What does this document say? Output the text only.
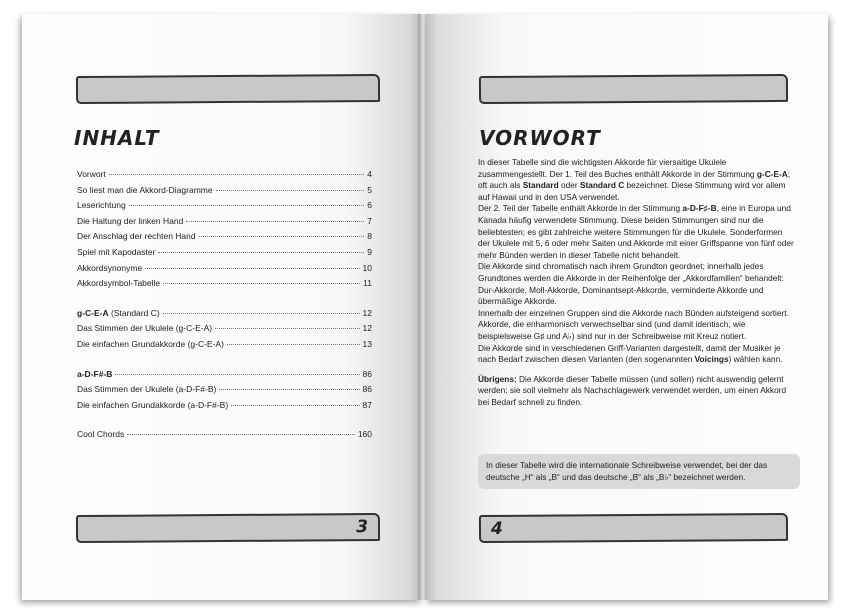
INHALT
Vorwort	4
So liest man die Akkord-Diagramme	5
Leserichtung	6
Die Haltung der linken Hand	7
Der Anschlag der rechten Hand	8
Spiel mit Kapodaster	9
Akkordsynonyme	10
Akkordsymbol-Tabelle	11
g-C-E-A (Standard C)	12
Das Stimmen der Ukulele (g-C-E-A)	12
Die einfachen Grundakkorde (g-C-E-A)	13
a-D-F#-B	86
Das Stimmen der Ukulele (a-D-F#-B)	86
Die einfachen Grundakkorde (a-D-F#-B)	87
Cool Chords	160
3
VORWORT
4

In dieser Tabelle sind die wichtigsten Akkorde für viersaitige Ukulele zusammengestellt. Der 1. Teil des Buches enthält Akkorde in der Stimmung g-C-E-A; oft auch als Standard oder Standard C bezeichnet. Diese Stimmung wird vor allem auf Hawaii und in den USA verwendet.

Der 2. Teil der Tabelle enthält Akkorde in der Stimmung a-D-F♯-B, eine in Europa und Kanada häufig verwendete Stimmung. Diese beiden Stimmungen sind nur die beliebtesten; es gibt zahlreiche weitere Stimmungen für die Ukulele. Sonderformen der Ukulele mit 5, 6 oder mehr Saiten und Akkorde mit einer Griffspanne von fünf oder mehr Bünden werden in dieser Tabelle nicht behandelt.

Die Akkorde sind chromatisch nach ihrem Grundton geordnet; innerhalb jedes Grundtones werden die Akkorde in der Reihenfolge der „Akkordfamilien“ behandelt: Dur-Akkorde, Moll-Akkorde, Dominantsept-Akkorde, verminderte Akkorde und übermäßige Akkorde.

Innerhalb der einzelnen Gruppen sind die Akkorde nach Bünden aufsteigend sortiert. Akkorde, die enharmonisch verwechselbar sind (und damit identisch, wie beispielsweise G♯ und A♭) sind nur in der Schreibweise mit Kreuz notiert.

Die Akkorde sind in verschiedenen Griff-Varianten dargestellt, damit der Musiker je nach Bedarf zwischen diesen Varianten (den sogenannten Voicings) wählen kann.

Übrigens: Die Akkorde dieser Tabelle müssen (und sollen) nicht auswendig gelernt werden; sie soll vielmehr als Nachschlagewerk verwendet werden, um einen Akkord bei Bedarf schnell zu finden.

In dieser Tabelle wird die internationale Schreibweise verwendet, bei der das deutsche „H“ als „B“ und das deutsche „B“ als „B♭“ bezeichnet werden.
